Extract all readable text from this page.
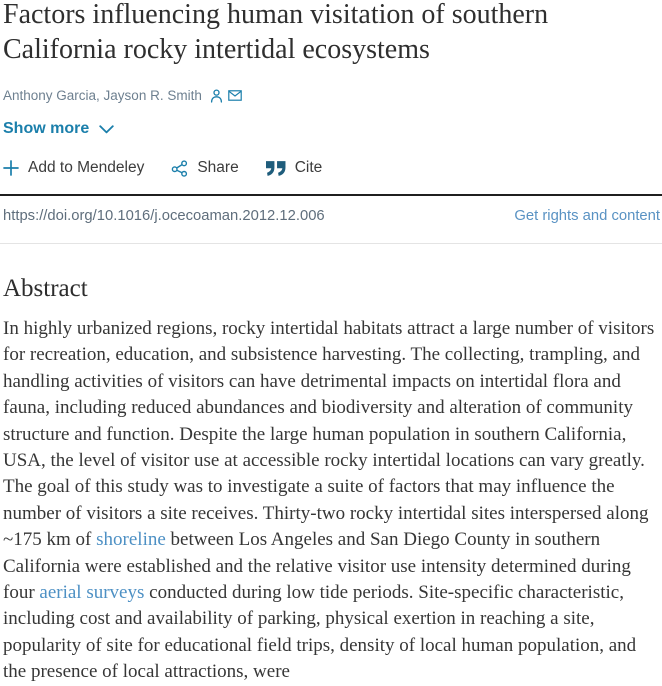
Factors influencing human visitation of southern California rocky intertidal ecosystems
Anthony Garcia, Jayson R. Smith
Show more
Add to Mendeley	Share	Cite
https://doi.org/10.1016/j.ocecoaman.2012.12.006	Get rights and content
Abstract

In highly urbanized regions, rocky intertidal habitats attract a large number of visitors for recreation, education, and subsistence harvesting. The collecting, trampling, and handling activities of visitors can have detrimental impacts on intertidal flora and fauna, including reduced abundances and biodiversity and alteration of community structure and function. Despite the large human population in southern California, USA, the level of visitor use at accessible rocky intertidal locations can vary greatly. The goal of this study was to investigate a suite of factors that may influence the number of visitors a site receives. Thirty-two rocky intertidal sites interspersed along ~175 km of shoreline between Los Angeles and San Diego County in southern California were established and the relative visitor use intensity determined during four aerial surveys conducted during low tide periods. Site-specific characteristic, including cost and availability of parking, physical exertion in reaching a site, popularity of site for educational field trips, density of local human population, and the presence of local attractions, were
